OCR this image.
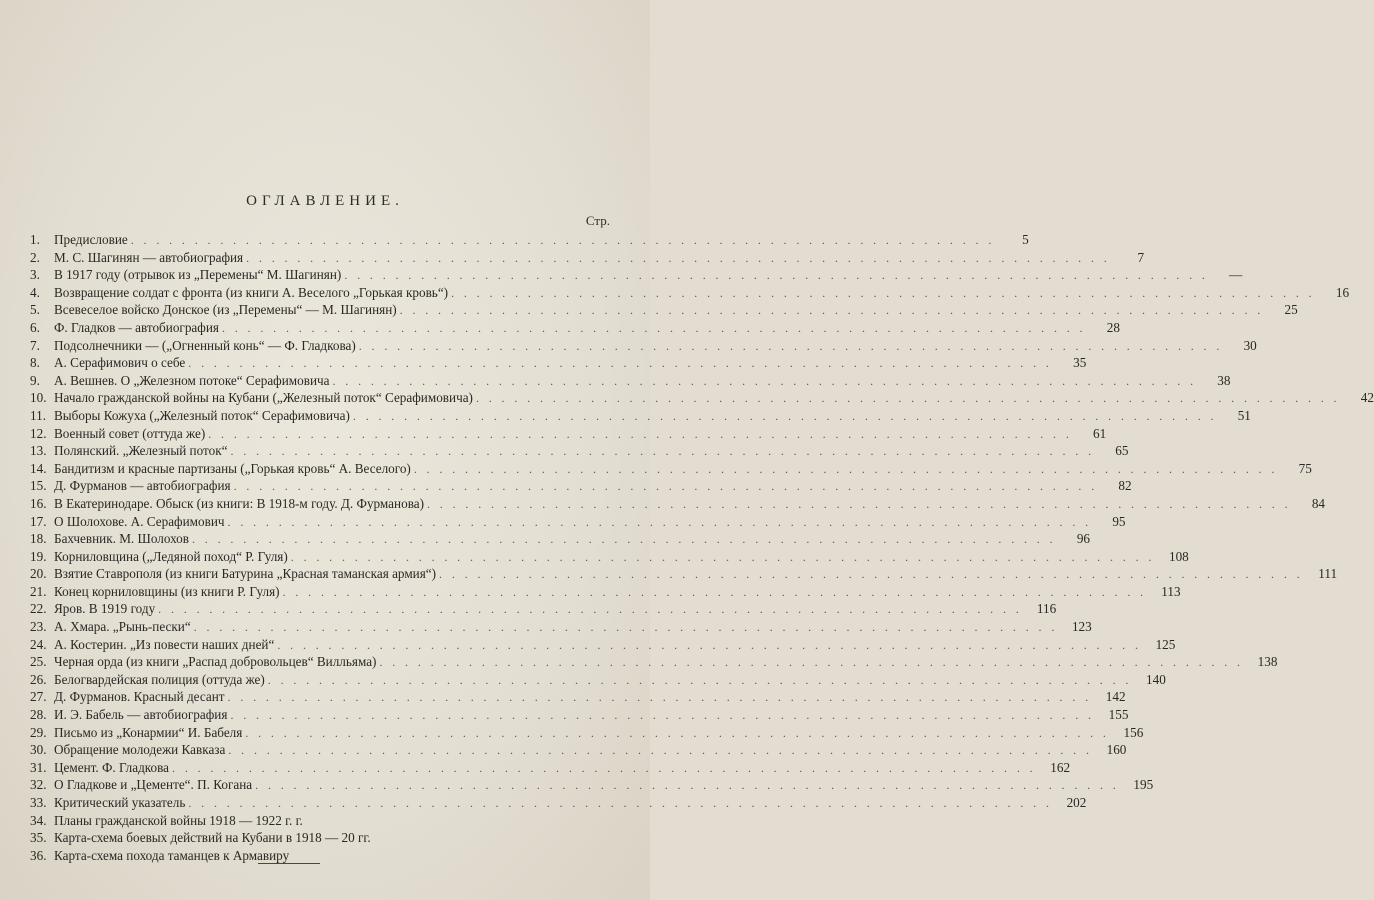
ОГЛАВЛЕНИЕ.
Стр.
1.	Предисловие . . . . . . . . . . . . . . . . . . . . . . . . . . . . . . . . . . . . . . . . . . . . . . . . . . . . . . . . . . . . . . . . . . . .	5
2.	М. С. Шагинян — автобиография . . . . . . . . . . . . . . . . . . . . . . . . . . . . . . . . . . . . . . . . . . . . . . . . . . . . . . . . . . . . . . . . . . . .	7
3.	В 1917 году (отрывок из „Перемены“ М. Шагинян) . . . . . . . . . . . . . . . . . . . . . . . . . . . . . . . . . . . . . . . . . . . . . . . . . . . . . . . . . . . . . . . . . . . .	—
4.	Возвращение солдат с фронта (из книги А. Веселого „Горькая кровь“) . . . . . . . . . . . . . . . . . . . . . . . . . . . . . . . . . . . . . . . . . . . . . . . . . . . . . . . . . . . . . . . . . . . .	16
5.	Всевеселое войско Донское (из „Перемены“ — М. Шагинян) . . . . . . . . . . . . . . . . . . . . . . . . . . . . . . . . . . . . . . . . . . . . . . . . . . . . . . . . . . . . . . . . . . . .	25
6.	Ф. Гладков — автобиография . . . . . . . . . . . . . . . . . . . . . . . . . . . . . . . . . . . . . . . . . . . . . . . . . . . . . . . . . . . . . . . . . . . .	28
7.	Подсолнечники — („Огненный конь“ — Ф. Гладкова) . . . . . . . . . . . . . . . . . . . . . . . . . . . . . . . . . . . . . . . . . . . . . . . . . . . . . . . . . . . . . . . . . . . .	30
8.	А. Серафимович о себе . . . . . . . . . . . . . . . . . . . . . . . . . . . . . . . . . . . . . . . . . . . . . . . . . . . . . . . . . . . . . . . . . . . .	35
9.	А. Вешнев. О „Железном потоке“ Серафимовича . . . . . . . . . . . . . . . . . . . . . . . . . . . . . . . . . . . . . . . . . . . . . . . . . . . . . . . . . . . . . . . . . . . .	38
10. Начало гражданской войны на Кубани („Железный поток“ Серафимовича) . . . . . . . . . . . . . . . . . . . . . . . . . . . . . . . . . . . . . . . . . . . . . . . . . . . . . . . . . . . . . . . . . . . .	42
11. Выборы Кожуха („Железный поток“ Серафимовича) . . . . . . . . . . . . . . . . . . . . . . . . . . . . . . . . . . . . . . . . . . . . . . . . . . . . . . . . . . . . . . . . . . . .	51
12. Военный совет (оттуда же) . . . . . . . . . . . . . . . . . . . . . . . . . . . . . . . . . . . . . . . . . . . . . . . . . . . . . . . . . . . . . . . . . . . .	61
13. Полянский. „Железный поток“ . . . . . . . . . . . . . . . . . . . . . . . . . . . . . . . . . . . . . . . . . . . . . . . . . . . . . . . . . . . . . . . . . . . .	65
14. Бандитизм и красные партизаны („Горькая кровь“ А. Веселого) . . . . . . . . . . . . . . . . . . . . . . . . . . . . . . . . . . . . . . . . . . . . . . . . . . . . . . . . . . . . . . . . . . . .	75
15. Д. Фурманов — автобиография . . . . . . . . . . . . . . . . . . . . . . . . . . . . . . . . . . . . . . . . . . . . . . . . . . . . . . . . . . . . . . . . . . . .	82
16. В Екатеринодаре. Обыск (из книги: В 1918-м году. Д. Фурманова) . . . . . . . . . . . . . . . . . . . . . . . . . . . . . . . . . . . . . . . . . . . . . . . . . . . . . . . . . . . . . . . . . . . .	84
17. О Шолохове. А. Серафимович . . . . . . . . . . . . . . . . . . . . . . . . . . . . . . . . . . . . . . . . . . . . . . . . . . . . . . . . . . . . . . . . . . . .	95
18. Бахчевник. М. Шолохов . . . . . . . . . . . . . . . . . . . . . . . . . . . . . . . . . . . . . . . . . . . . . . . . . . . . . . . . . . . . . . . . . . . .	96
19. Корниловщина („Ледяной поход“ Р. Гуля) . . . . . . . . . . . . . . . . . . . . . . . . . . . . . . . . . . . . . . . . . . . . . . . . . . . . . . . . . . . . . . . . . . . .	108
20. Взятие Ставрополя (из книги Батурина „Красная таманская армия“) . . . . . . . . . . . . . . . . . . . . . . . . . . . . . . . . . . . . . . . . . . . . . . . . . . . . . . . . . . . . . . . . . . . .	111
21. Конец корниловщины (из книги Р. Гуля) . . . . . . . . . . . . . . . . . . . . . . . . . . . . . . . . . . . . . . . . . . . . . . . . . . . . . . . . . . . . . . . . . . . .	113
22. Яров. В 1919 году . . . . . . . . . . . . . . . . . . . . . . . . . . . . . . . . . . . . . . . . . . . . . . . . . . . . . . . . . . . . . . . . . . . .	116
23. А. Хмара. „Рынь-пески“ . . . . . . . . . . . . . . . . . . . . . . . . . . . . . . . . . . . . . . . . . . . . . . . . . . . . . . . . . . . . . . . . . . . .	123
24. А. Костерин. „Из повести наших дней“ . . . . . . . . . . . . . . . . . . . . . . . . . . . . . . . . . . . . . . . . . . . . . . . . . . . . . . . . . . . . . . . . . . . .	125
25. Черная орда (из книги „Распад добровольцев“ Вилльяма) . . . . . . . . . . . . . . . . . . . . . . . . . . . . . . . . . . . . . . . . . . . . . . . . . . . . . . . . . . . . . . . . . . . .	138
26. Белогвардейская полиция (оттуда же) . . . . . . . . . . . . . . . . . . . . . . . . . . . . . . . . . . . . . . . . . . . . . . . . . . . . . . . . . . . . . . . . . . . .	140
27. Д. Фурманов. Красный десант . . . . . . . . . . . . . . . . . . . . . . . . . . . . . . . . . . . . . . . . . . . . . . . . . . . . . . . . . . . . . . . . . . . .	142
28. И. Э. Бабель — автобиография . . . . . . . . . . . . . . . . . . . . . . . . . . . . . . . . . . . . . . . . . . . . . . . . . . . . . . . . . . . . . . . . . . . .	155
29. Письмо из „Конармии“ И. Бабеля . . . . . . . . . . . . . . . . . . . . . . . . . . . . . . . . . . . . . . . . . . . . . . . . . . . . . . . . . . . . . . . . . . . .	156
30. Обращение молодежи Кавказа . . . . . . . . . . . . . . . . . . . . . . . . . . . . . . . . . . . . . . . . . . . . . . . . . . . . . . . . . . . . . . . . . . . .	160
31. Цемент. Ф. Гладкова . . . . . . . . . . . . . . . . . . . . . . . . . . . . . . . . . . . . . . . . . . . . . . . . . . . . . . . . . . . . . . . . . . . .	162
32. О Гладкове и „Цементе“. П. Когана . . . . . . . . . . . . . . . . . . . . . . . . . . . . . . . . . . . . . . . . . . . . . . . . . . . . . . . . . . . . . . . . . . . .	195
33. Критический указатель . . . . . . . . . . . . . . . . . . . . . . . . . . . . . . . . . . . . . . . . . . . . . . . . . . . . . . . . . . . . . . . . . . . .	202
34. Планы гражданской войны 1918 — 1922 г. г.
35. Карта-схема боевых действий на Кубани в 1918 — 20 гг.
36. Карта-схема похода таманцев к Армавиру
